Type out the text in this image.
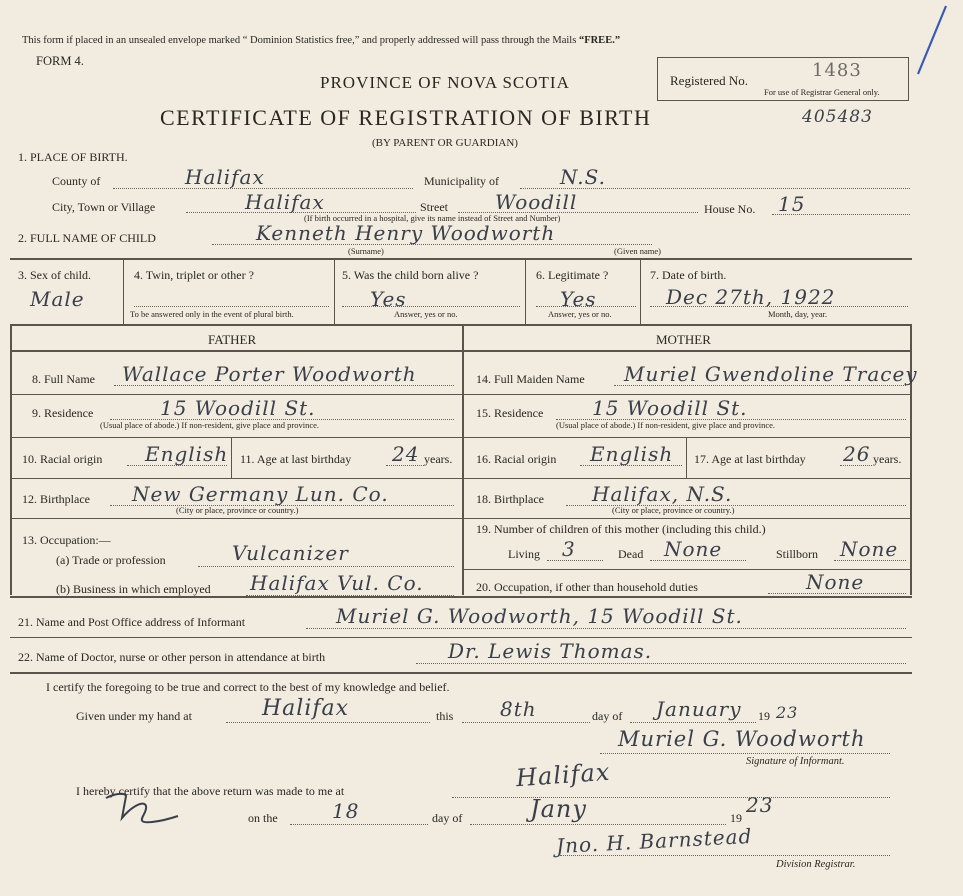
This form if placed in an unsealed envelope marked “ Dominion Statistics free,” and properly addressed will pass through the Mails “FREE.”
FORM 4.
Registered No.	1483
For use of Registrar General only.
PROVINCE OF NOVA SCOTIA
CERTIFICATE OF REGISTRATION OF BIRTH	405483
(BY PARENT OR GUARDIAN)
1. PLACE OF BIRTH.
County of	Halifax	Municipality of	N.S.
City, Town or Village	Halifax	Street Woodill	House No. 15
(If birth occurred in a hospital, give its name instead of Street and Number)
2. FULL NAME OF CHILD	Kenneth Henry Woodworth
(Surname)	(Given name)
3. Sex of child.
Male
4. Twin, triplet or other ?
To be answered only in the event of plural birth.
5. Was the child born alive ?
Yes
Answer, yes or no.
6. Legitimate ?
Yes
Answer, yes or no.
7. Date of birth.
Dec 27th, 1922
Month, day, year.
FATHER	MOTHER
8. Full Name Wallace Porter Woodworth
9. Residence	15 Woodill St.
(Usual place of abode.) If non-resident, give place and province.
10. Racial origin English 11. Age at last birthday 24 years.
12. Birthplace New Germany Lun. Co.
(City or place, province or country.)
13. Occupation:—
(a) Trade or profession	Vulcanizer
(b) Business in which employed Halifax Vul. Co.
14. Full Maiden Name Muriel Gwendoline Tracey
15. Residence 15 Woodill St.
(Usual place of abode.) If non-resident, give place and province.
16. Racial origin English 17. Age at last birthday 26 years.
18. Birthplace Halifax, N.S.
(City or place, province or country.)
19. Number of children of this mother (including this child.)
Living 3	Dead None	Stillborn None
20. Occupation, if other than household duties	None
21. Name and Post Office address of Informant	Muriel G. Woodworth, 15 Woodill St.
22. Name of Doctor, nurse or other person in attendance at birth	Dr. Lewis Thomas.
I certify the foregoing to be true and correct to the best of my knowledge and belief.
Given under my hand at	Halifax	this 8th	day of January 19 23
Muriel G. Woodworth
Signature of Informant.
I hereby certify that the above return was made to me at	Halifax
on the	18	day of	Jany	19
23
Jno. H. Barnstead
Division Registrar.
